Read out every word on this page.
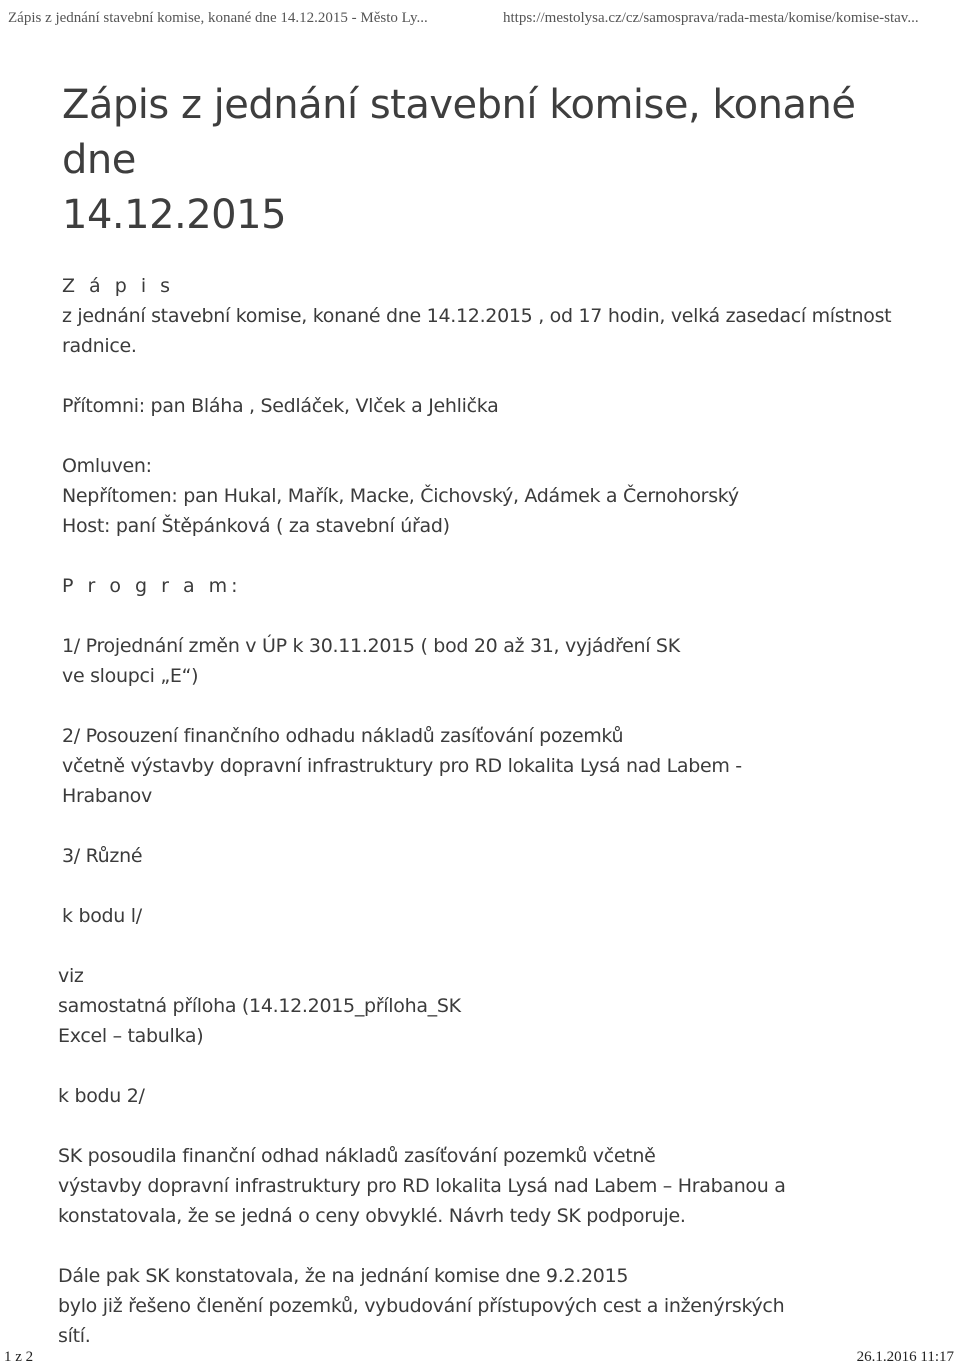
Zápis z jednání stavební komise, konané dne 14.12.2015 - Město Ly...	https://mestolysa.cz/cz/samosprava/rada-mesta/komise/komise-stav...
Zápis z jednání stavební komise, konané dne
14.12.2015

Z á p i s

z jednání stavební komise, konané dne 14.12.2015 , od 17 hodin, velká zasedací místnost

radnice.

Přítomni: pan Bláha , Sedláček, Vlček a Jehlička

Omluven:

Nepřítomen: pan Hukal, Mařík, Macke, Čichovský, Adámek a Černohorský

Host: paní Štěpánková ( za stavební úřad)

P r o g r a m:

1/ Projednání změn v ÚP k 30.11.2015 ( bod 20 až 31, vyjádření SK

ve sloupci „E“)

2/ Posouzení finančního odhadu nákladů zasíťování pozemků

včetně výstavby dopravní infrastruktury pro RD lokalita Lysá nad Labem -

Hrabanov

3/ Různé

k bodu l/

viz

samostatná příloha (14.12.2015_příloha_SK

Excel – tabulka)

k bodu 2/

SK posoudila finanční odhad nákladů zasíťování pozemků včetně

výstavby dopravní infrastruktury pro RD lokalita Lysá nad Labem – Hrabanou a

konstatovala, že se jedná o ceny obvyklé. Návrh tedy SK podporuje.

Dále pak SK konstatovala, že na jednání komise dne 9.2.2015

bylo již řešeno členění pozemků, vybudování přístupových cest a inženýrských

sítí.

1 z 2	26.1.2016 11:17
